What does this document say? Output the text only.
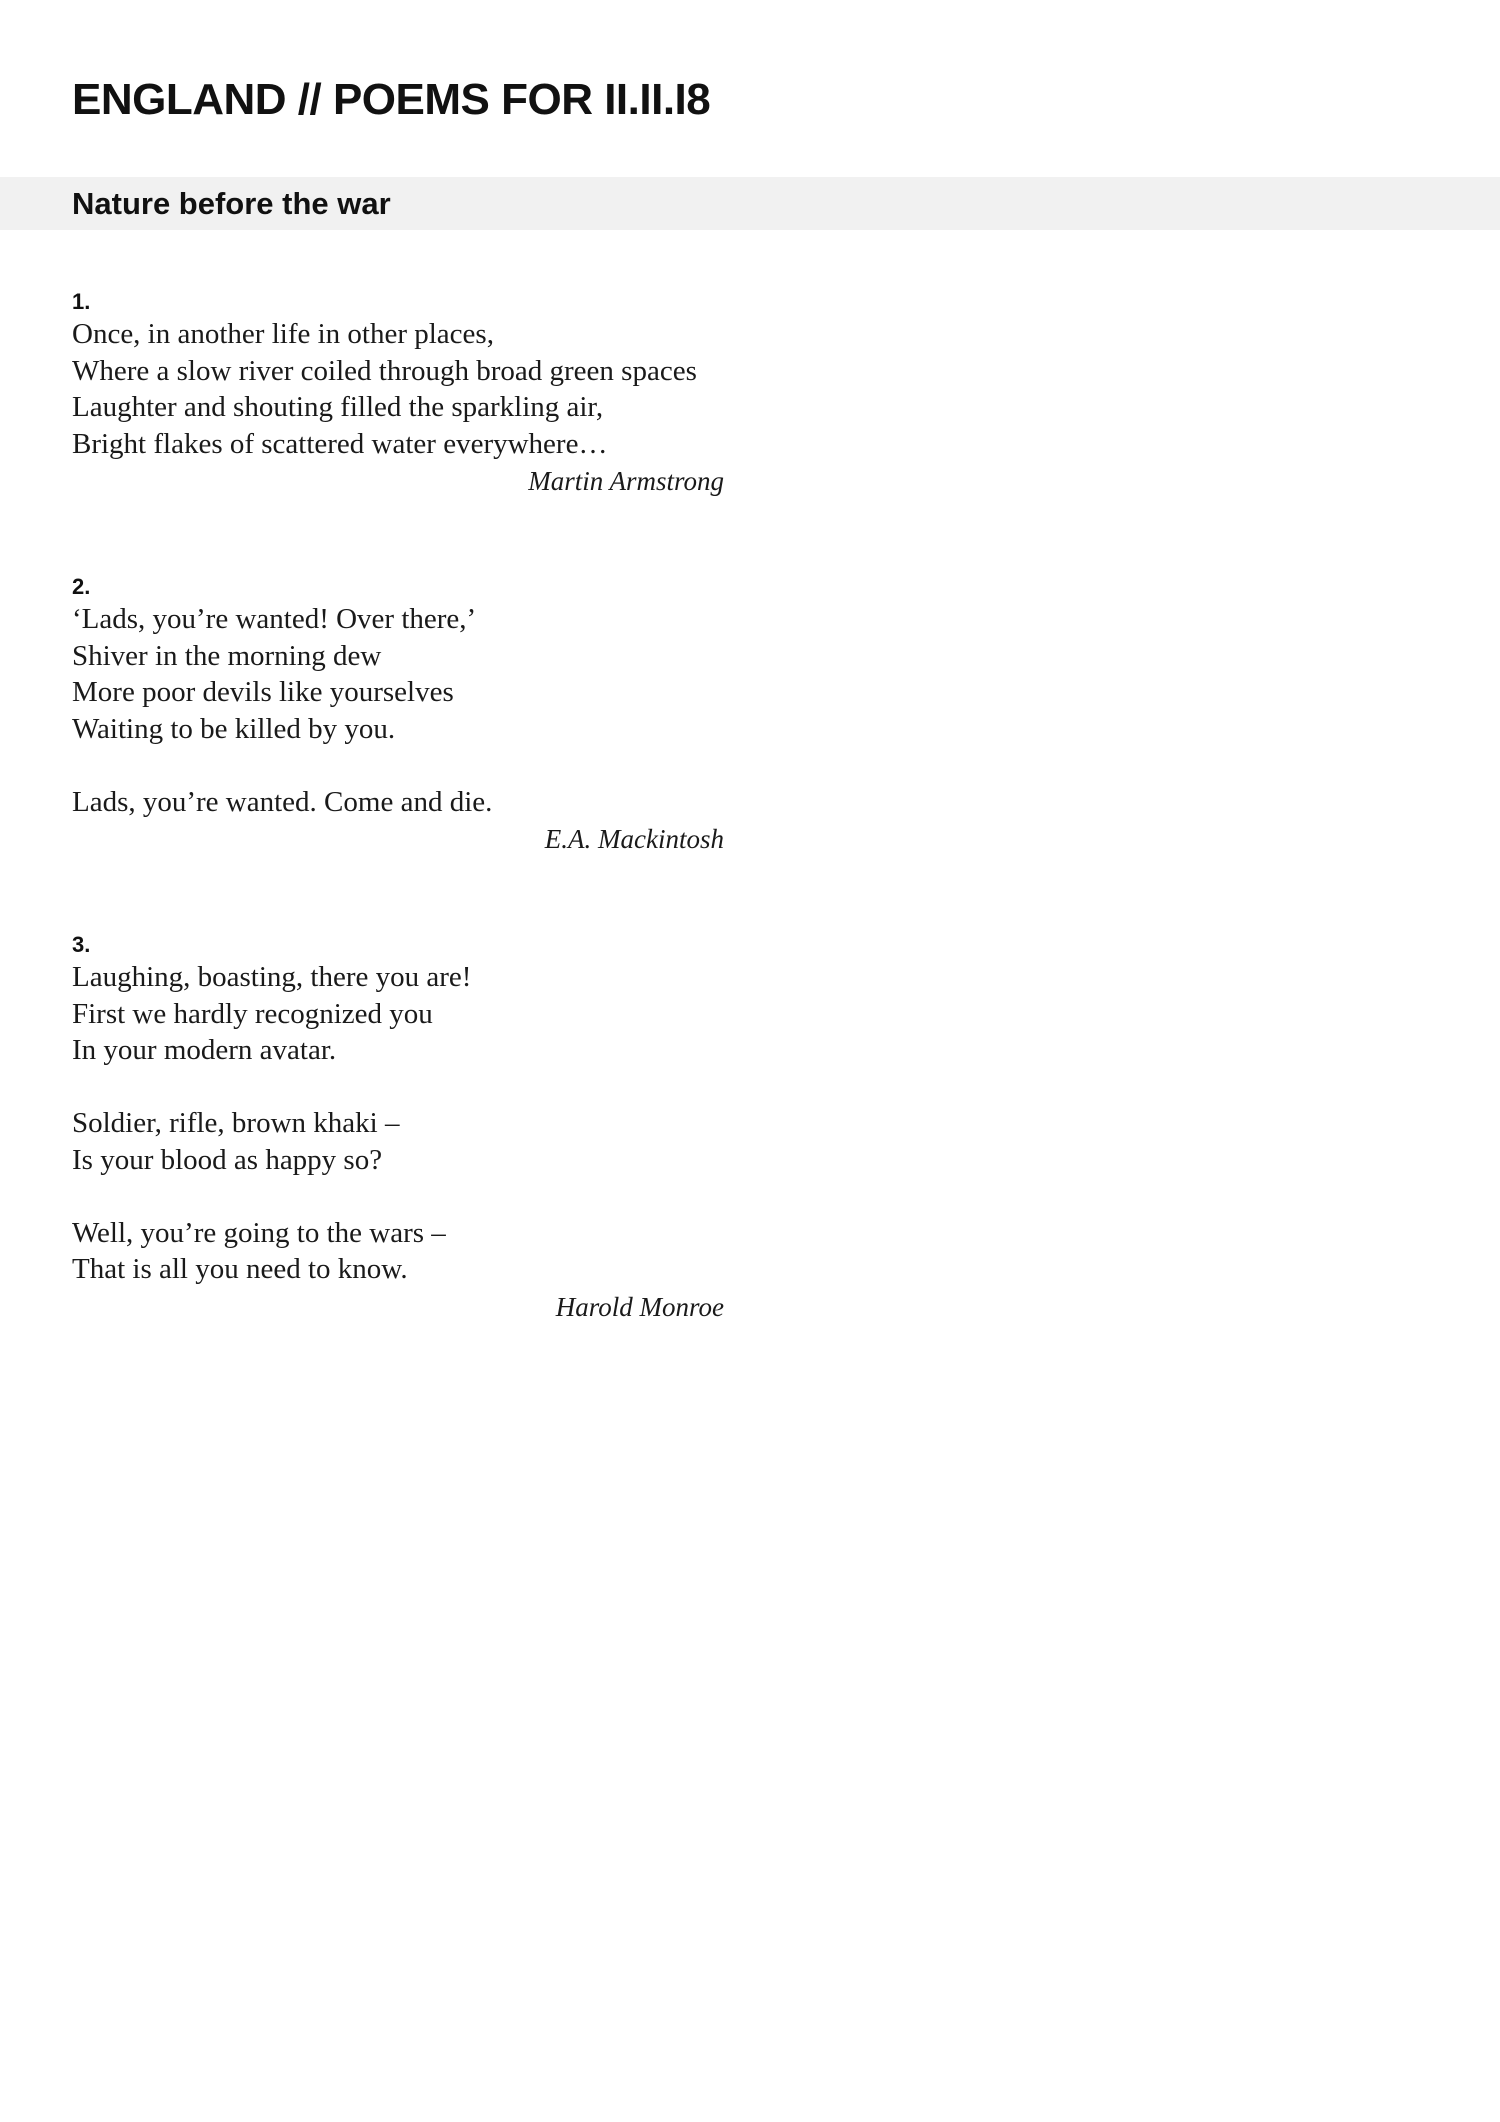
ENGLAND // POEMS FOR II.II.I8
Nature before the war
1.
Once, in another life in other places,
Where a slow river coiled through broad green spaces
Laughter and shouting filled the sparkling air,
Bright flakes of scattered water everywhere…
Martin Armstrong
2.
‘Lads, you’re wanted! Over there,’
Shiver in the morning dew
More poor devils like yourselves
Waiting to be killed by you.
Lads, you’re wanted. Come and die.
E.A. Mackintosh
3.
Laughing, boasting, there you are!
First we hardly recognized you
In your modern avatar.
Soldier, rifle, brown khaki –
Is your blood as happy so?
Well, you’re going to the wars –
That is all you need to know.
Harold Monroe
